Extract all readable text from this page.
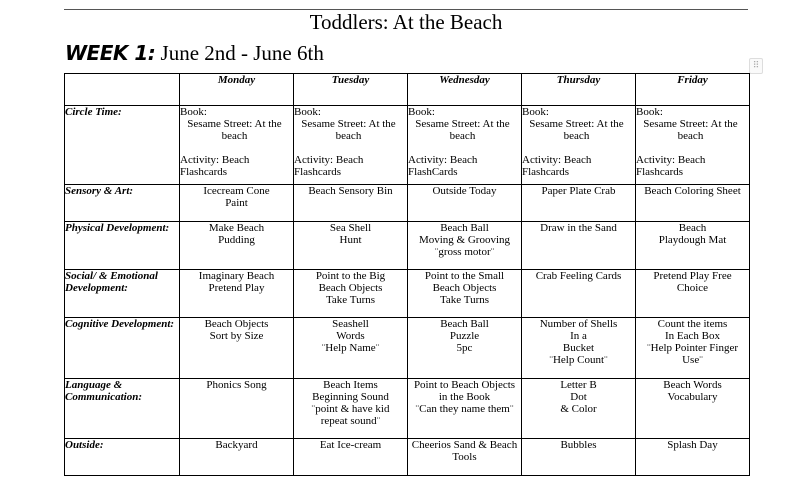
Toddlers: At the Beach
WEEK 1: June 2nd - June 6th
⠿
	Monday	Tuesday	Wednesday	Thursday	Friday
Circle Time:	Book:
Sesame Street: At the beach
Activity: Beach Flashcards	Book:
Sesame Street: At the beach
Activity: Beach Flashcards	Book:
Sesame Street: At the beach
Activity: Beach FlashCards	Book:
Sesame Street: At the beach
Activity: Beach Flashcards	Book:
Sesame Street: At the beach
Activity: Beach Flashcards

Sensory & Art:	Icecream Cone
Paint	Beach Sensory Bin	Outside Today	Paper Plate Crab	Beach Coloring Sheet

Physical Development:	Make Beach
Pudding	Sea Shell
Hunt	Beach Ball
Moving & Grooving
¨gross motor¨	Draw in the Sand	Beach
Playdough Mat

Social/ & Emotional Development:	Imaginary Beach
Pretend Play	Point to the Big
Beach Objects
Take Turns	Point to the Small
Beach Objects
Take Turns	Crab Feeling Cards	Pretend Play Free
Choice

Cognitive Development:	Beach Objects
Sort by Size	Seashell
Words
¨Help Name¨	Beach Ball
Puzzle
5pc	Number of Shells
In a
Bucket
¨Help Count¨	Count the items
In Each Box
¨Help Pointer Finger
Use¨

Language & Communication:	Phonics Song	Beach Items
Beginning Sound
¨point & have kid
repeat sound¨	Point to Beach Objects
in the Book
¨Can they name them¨	Letter B
Dot
& Color	Beach Words
Vocabulary

Outside:	Backyard	Eat Ice-cream	Cheerios Sand & Beach
Tools	Bubbles	Splash Day
